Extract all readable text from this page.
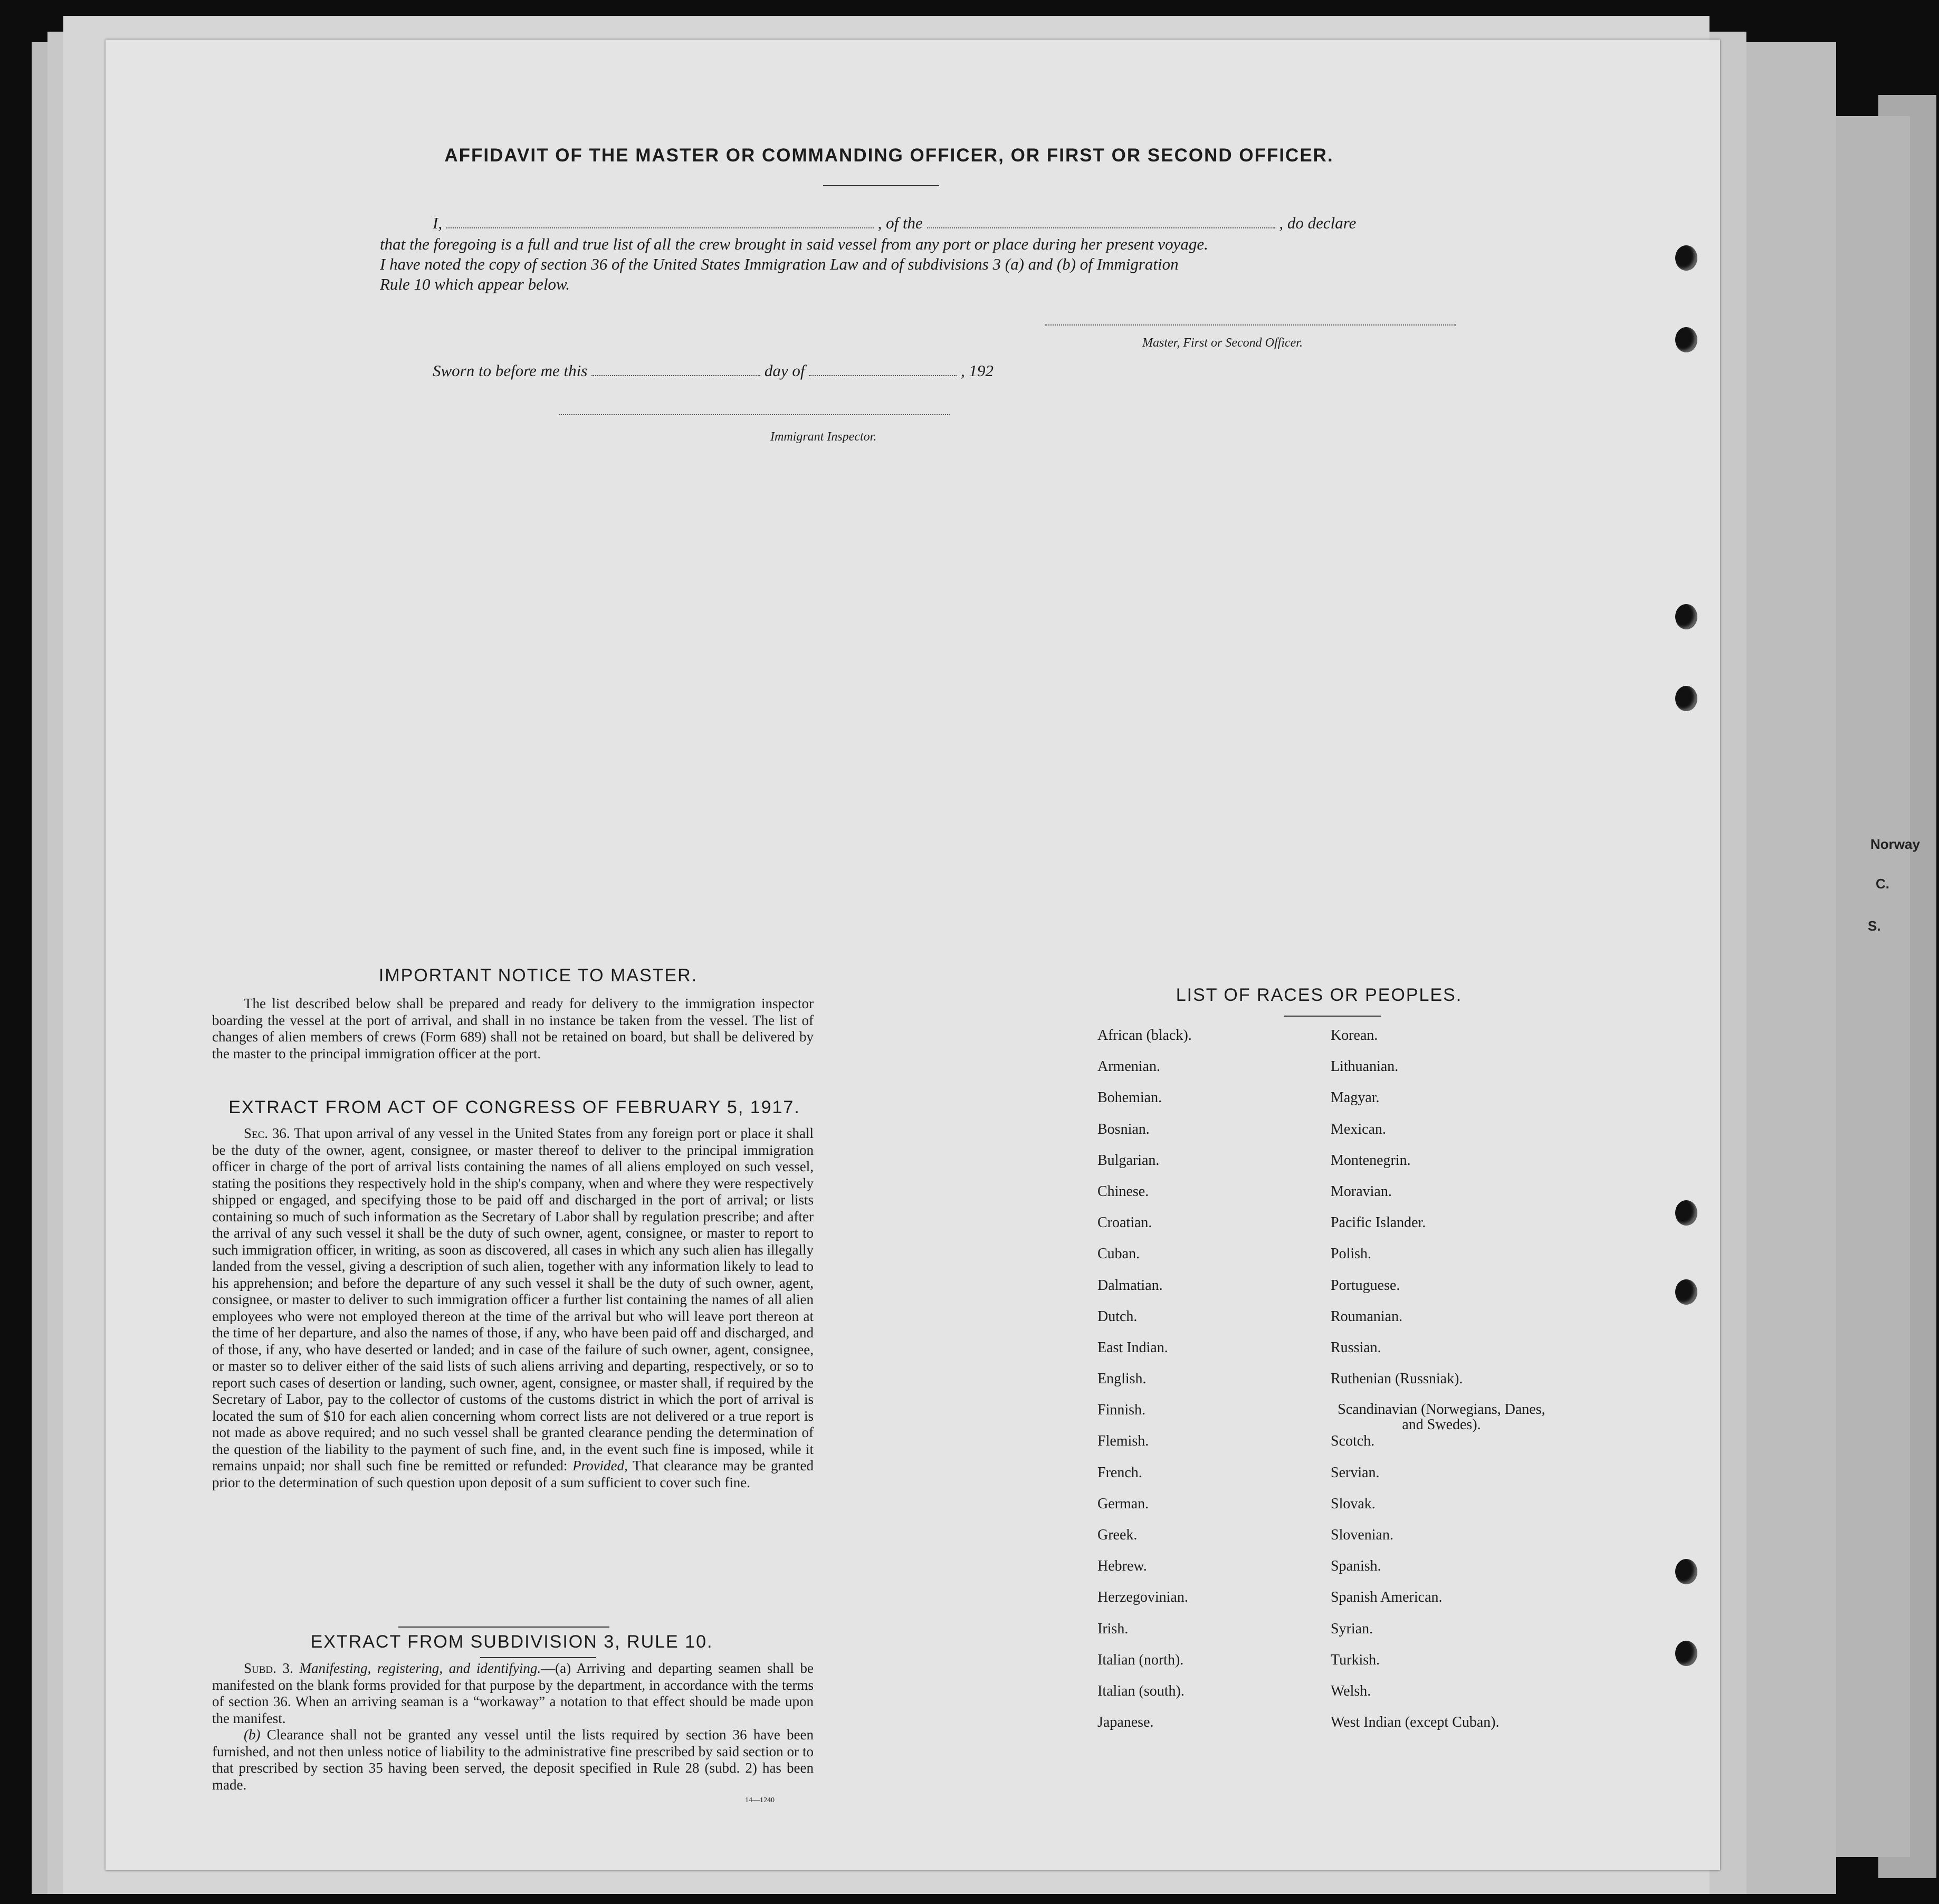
Norway
C.
S.
AFFIDAVIT OF THE MASTER OR COMMANDING OFFICER, OR FIRST OR SECOND OFFICER.
I,	, of the	, do declare
that the foregoing is a full and true list of all the crew brought in said vessel from any port or place during her present voyage.
I have noted the copy of section 36 of the United States Immigration Law and of subdivisions 3 (a) and (b) of Immigration
Rule 10 which appear below.
Master, First or Second Officer.
Sworn to before me this	day of	, 192
Immigrant Inspector.
IMPORTANT NOTICE TO MASTER.
The list described below shall be prepared and ready for delivery to the immigration inspector boarding the vessel at the port of arrival, and shall in no instance be taken from the vessel. The list of changes of alien members of crews (Form 689) shall not be retained on board, but shall be delivered by the master to the principal immigration officer at the port.
EXTRACT FROM ACT OF CONGRESS OF FEBRUARY 5, 1917.
Sec. 36. That upon arrival of any vessel in the United States from any foreign port or place it shall be the duty of the owner, agent, consignee, or master thereof to deliver to the principal immigration officer in charge of the port of arrival lists containing the names of all aliens employed on such vessel, stating the positions they respectively hold in the ship's company, when and where they were respectively shipped or engaged, and specifying those to be paid off and discharged in the port of arrival; or lists containing so much of such information as the Secretary of Labor shall by regulation prescribe; and after the arrival of any such vessel it shall be the duty of such owner, agent, consignee, or master to report to such immigration officer, in writing, as soon as discovered, all cases in which any such alien has illegally landed from the vessel, giving a description of such alien, together with any information likely to lead to his apprehension; and before the departure of any such vessel it shall be the duty of such owner, agent, consignee, or master to deliver to such immigration officer a further list containing the names of all alien employees who were not employed thereon at the time of the arrival but who will leave port thereon at the time of her departure, and also the names of those, if any, who have been paid off and discharged, and of those, if any, who have deserted or landed; and in case of the failure of such owner, agent, consignee, or master so to deliver either of the said lists of such aliens arriving and departing, respectively, or so to report such cases of desertion or landing, such owner, agent, consignee, or master shall, if required by the Secretary of Labor, pay to the collector of customs of the customs district in which the port of arrival is located the sum of $10 for each alien concerning whom correct lists are not delivered or a true report is not made as above required; and no such vessel shall be granted clearance pending the determination of the question of the liability to the payment of such fine, and, in the event such fine is imposed, while it remains unpaid; nor shall such fine be remitted or refunded: Provided, That clearance may be granted prior to the determination of such question upon deposit of a sum sufficient to cover such fine.
EXTRACT FROM SUBDIVISION 3, RULE 10.
Subd. 3. Manifesting, registering, and identifying.—(a) Arriving and departing seamen shall be manifested on the blank forms provided for that purpose by the department, in accordance with the terms of section 36. When an arriving seaman is a “workaway” a notation to that effect should be made upon the manifest.
(b) Clearance shall not be granted any vessel until the lists required by section 36 have been furnished, and not then unless notice of liability to the administrative fine prescribed by said section or to that prescribed by section 35 having been served, the deposit specified in Rule 28 (subd. 2) has been made.
14—1240
LIST OF RACES OR PEOPLES.
African (black).
Armenian.
Bohemian.
Bosnian.
Bulgarian.
Chinese.
Croatian.
Cuban.
Dalmatian.
Dutch.
East Indian.
English.
Finnish.
Flemish.
French.
German.
Greek.
Hebrew.
Herzegovinian.
Irish.
Italian (north).
Italian (south).
Japanese.
Korean.
Lithuanian.
Magyar.
Mexican.
Montenegrin.
Moravian.
Pacific Islander.
Polish.
Portuguese.
Roumanian.
Russian.
Ruthenian (Russniak).
Scandinavian (Norwegians, Danes, and Swedes).
Scotch.
Servian.
Slovak.
Slovenian.
Spanish.
Spanish American.
Syrian.
Turkish.
Welsh.
West Indian (except Cuban).
